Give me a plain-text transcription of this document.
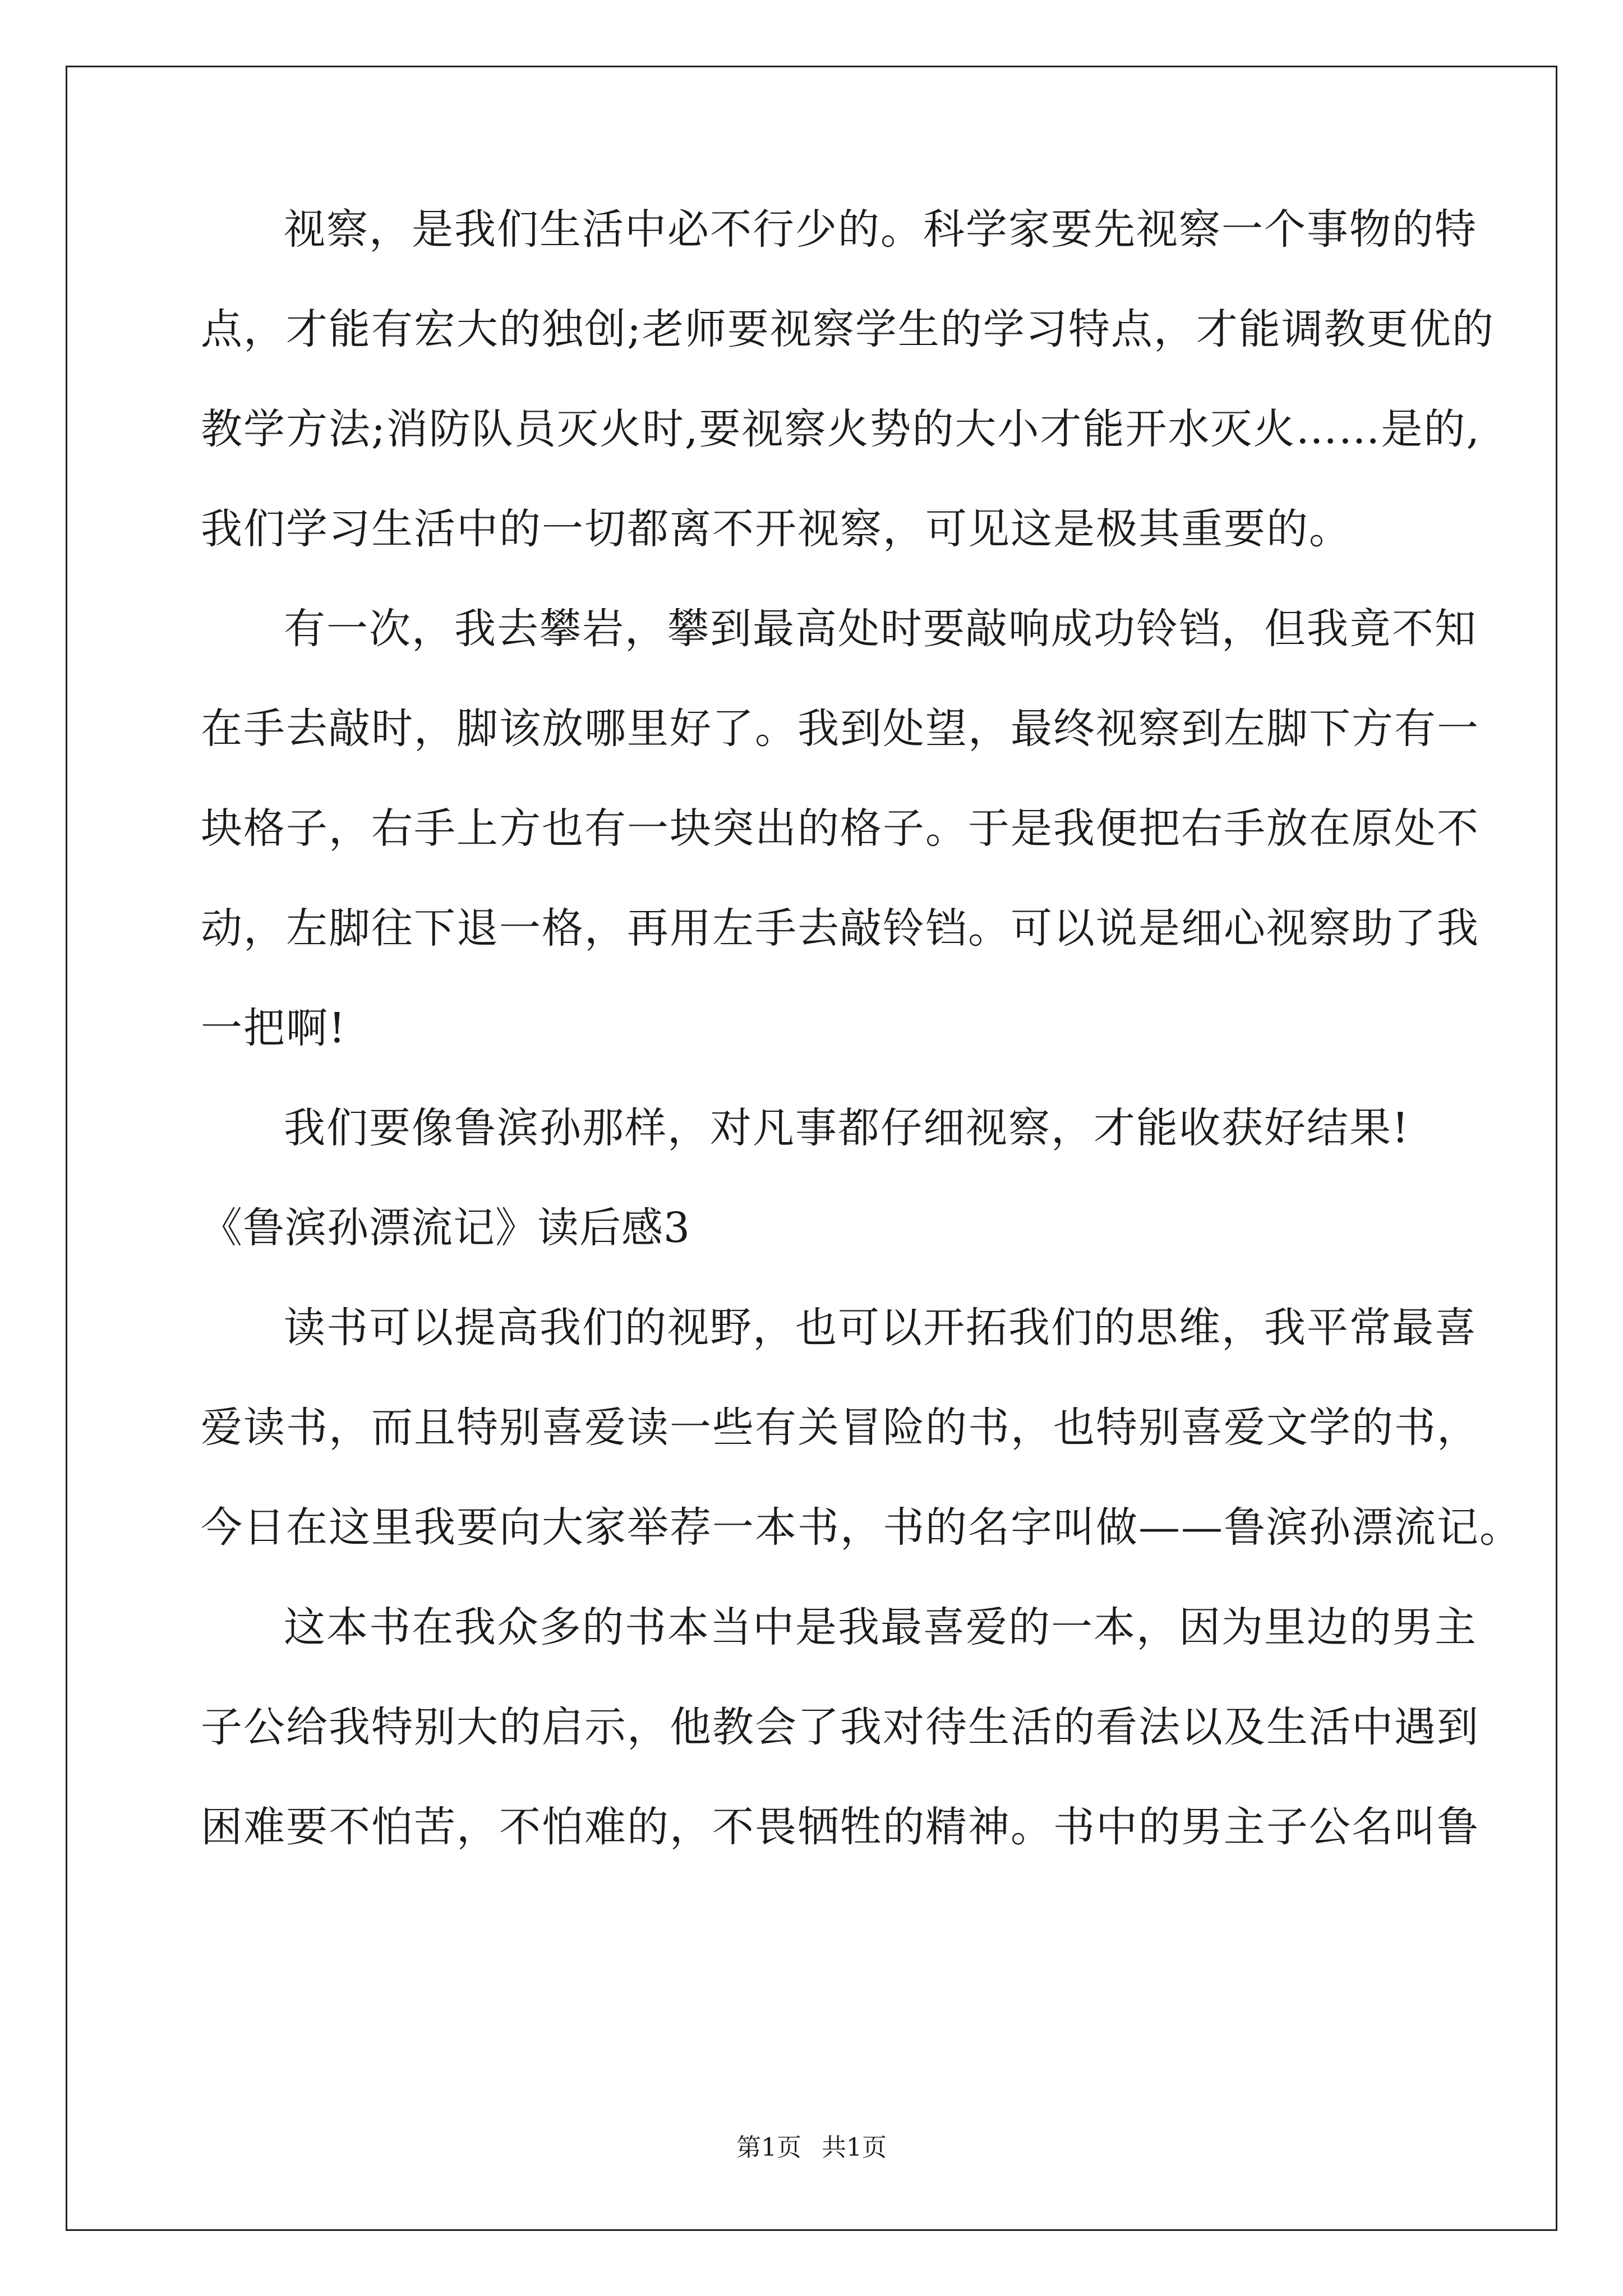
视察，是我们生活中必不行少的。科学家要先视察一个事物的特
点，才能有宏大的独创;老师要视察学生的学习特点，才能调教更优的
教学方法;消防队员灭火时,要视察火势的大小才能开水灭火……是的,
我们学习生活中的一切都离不开视察，可见这是极其重要的。
有一次，我去攀岩，攀到最高处时要敲响成功铃铛，但我竟不知
在手去敲时，脚该放哪里好了。我到处望，最终视察到左脚下方有一
块格子，右手上方也有一块突出的格子。于是我便把右手放在原处不
动，左脚往下退一格，再用左手去敲铃铛。可以说是细心视察助了我
一把啊!
我们要像鲁滨孙那样，对凡事都仔细视察，才能收获好结果!
《鲁滨孙漂流记》读后感3
读书可以提高我们的视野，也可以开拓我们的思维，我平常最喜
爱读书，而且特别喜爱读一些有关冒险的书，也特别喜爱文学的书，
今日在这里我要向大家举荐一本书，书的名字叫做——鲁滨孙漂流记。
这本书在我众多的书本当中是我最喜爱的一本，因为里边的男主
子公给我特别大的启示，他教会了我对待生活的看法以及生活中遇到
困难要不怕苦，不怕难的，不畏牺牲的精神。书中的男主子公名叫鲁
第1页 共1页
